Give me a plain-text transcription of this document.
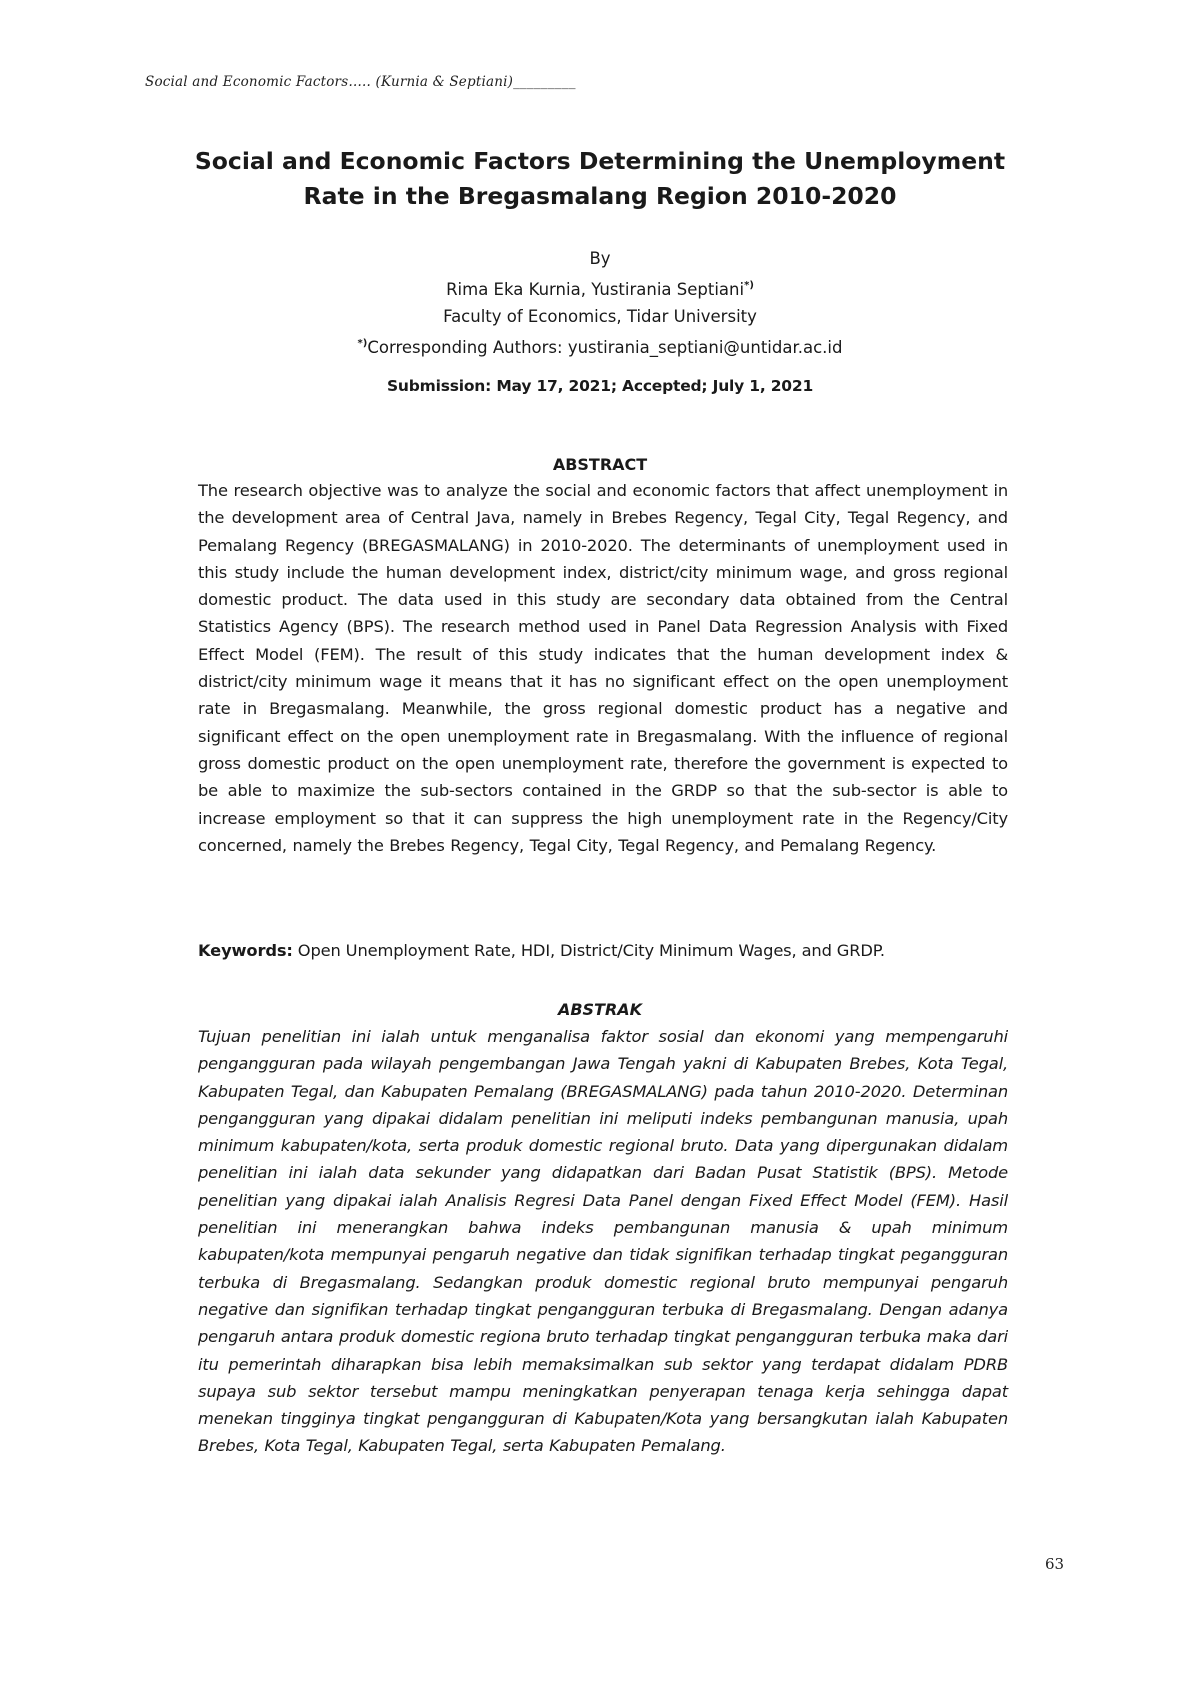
Social and Economic Factors….. (Kurnia & Septiani)_________
Social and Economic Factors Determining the Unemployment
Rate in the Bregasmalang Region 2010-2020
By
Rima Eka Kurnia, Yustirania Septiani*)
Faculty of Economics, Tidar University
*)Corresponding Authors: yustirania_septiani@untidar.ac.id
Submission: May 17, 2021; Accepted; July 1, 2021
ABSTRACT

The research objective was to analyze the social and economic factors that affect unemployment in the development area of Central Java, namely in Brebes Regency, Tegal City, Tegal Regency, and Pemalang Regency (BREGASMALANG) in 2010-2020. The determinants of unemployment used in this study include the human development index, district/city minimum wage, and gross regional domestic product. The data used in this study are secondary data obtained from the Central Statistics Agency (BPS). The research method used in Panel Data Regression Analysis with Fixed Effect Model (FEM). The result of this study indicates that the human development index & district/city minimum wage it means that it has no significant effect on the open unemployment rate in Bregasmalang. Meanwhile, the gross regional domestic product has a negative and significant effect on the open unemployment rate in Bregasmalang. With the influence of regional gross domestic product on the open unemployment rate, therefore the government is expected to be able to maximize the sub-sectors contained in the GRDP so that the sub-sector is able to increase employment so that it can suppress the high unemployment rate in the Regency/City concerned, namely the Brebes Regency, Tegal City, Tegal Regency, and Pemalang Regency.

Keywords: Open Unemployment Rate, HDI, District/City Minimum Wages, and GRDP.
ABSTRAK

Tujuan penelitian ini ialah untuk menganalisa faktor sosial dan ekonomi yang mempengaruhi pengangguran pada wilayah pengembangan Jawa Tengah yakni di Kabupaten Brebes, Kota Tegal, Kabupaten Tegal, dan Kabupaten Pemalang (BREGASMALANG) pada tahun 2010-2020. Determinan pengangguran yang dipakai didalam penelitian ini meliputi indeks pembangunan manusia, upah minimum kabupaten/kota, serta produk domestic regional bruto. Data yang dipergunakan didalam penelitian ini ialah data sekunder yang didapatkan dari Badan Pusat Statistik (BPS). Metode penelitian yang dipakai ialah Analisis Regresi Data Panel dengan Fixed Effect Model (FEM). Hasil penelitian ini menerangkan bahwa indeks pembangunan manusia & upah minimum kabupaten/kota mempunyai pengaruh negative dan tidak signifikan terhadap tingkat pegangguran terbuka di Bregasmalang. Sedangkan produk domestic regional bruto mempunyai pengaruh negative dan signifikan terhadap tingkat pengangguran terbuka di Bregasmalang. Dengan adanya pengaruh antara produk domestic regiona bruto terhadap tingkat pengangguran terbuka maka dari itu pemerintah diharapkan bisa lebih memaksimalkan sub sektor yang terdapat didalam PDRB supaya sub sektor tersebut mampu meningkatkan penyerapan tenaga kerja sehingga dapat menekan tingginya tingkat pengangguran di Kabupaten/Kota yang bersangkutan ialah Kabupaten Brebes, Kota Tegal, Kabupaten Tegal, serta Kabupaten Pemalang.

63
